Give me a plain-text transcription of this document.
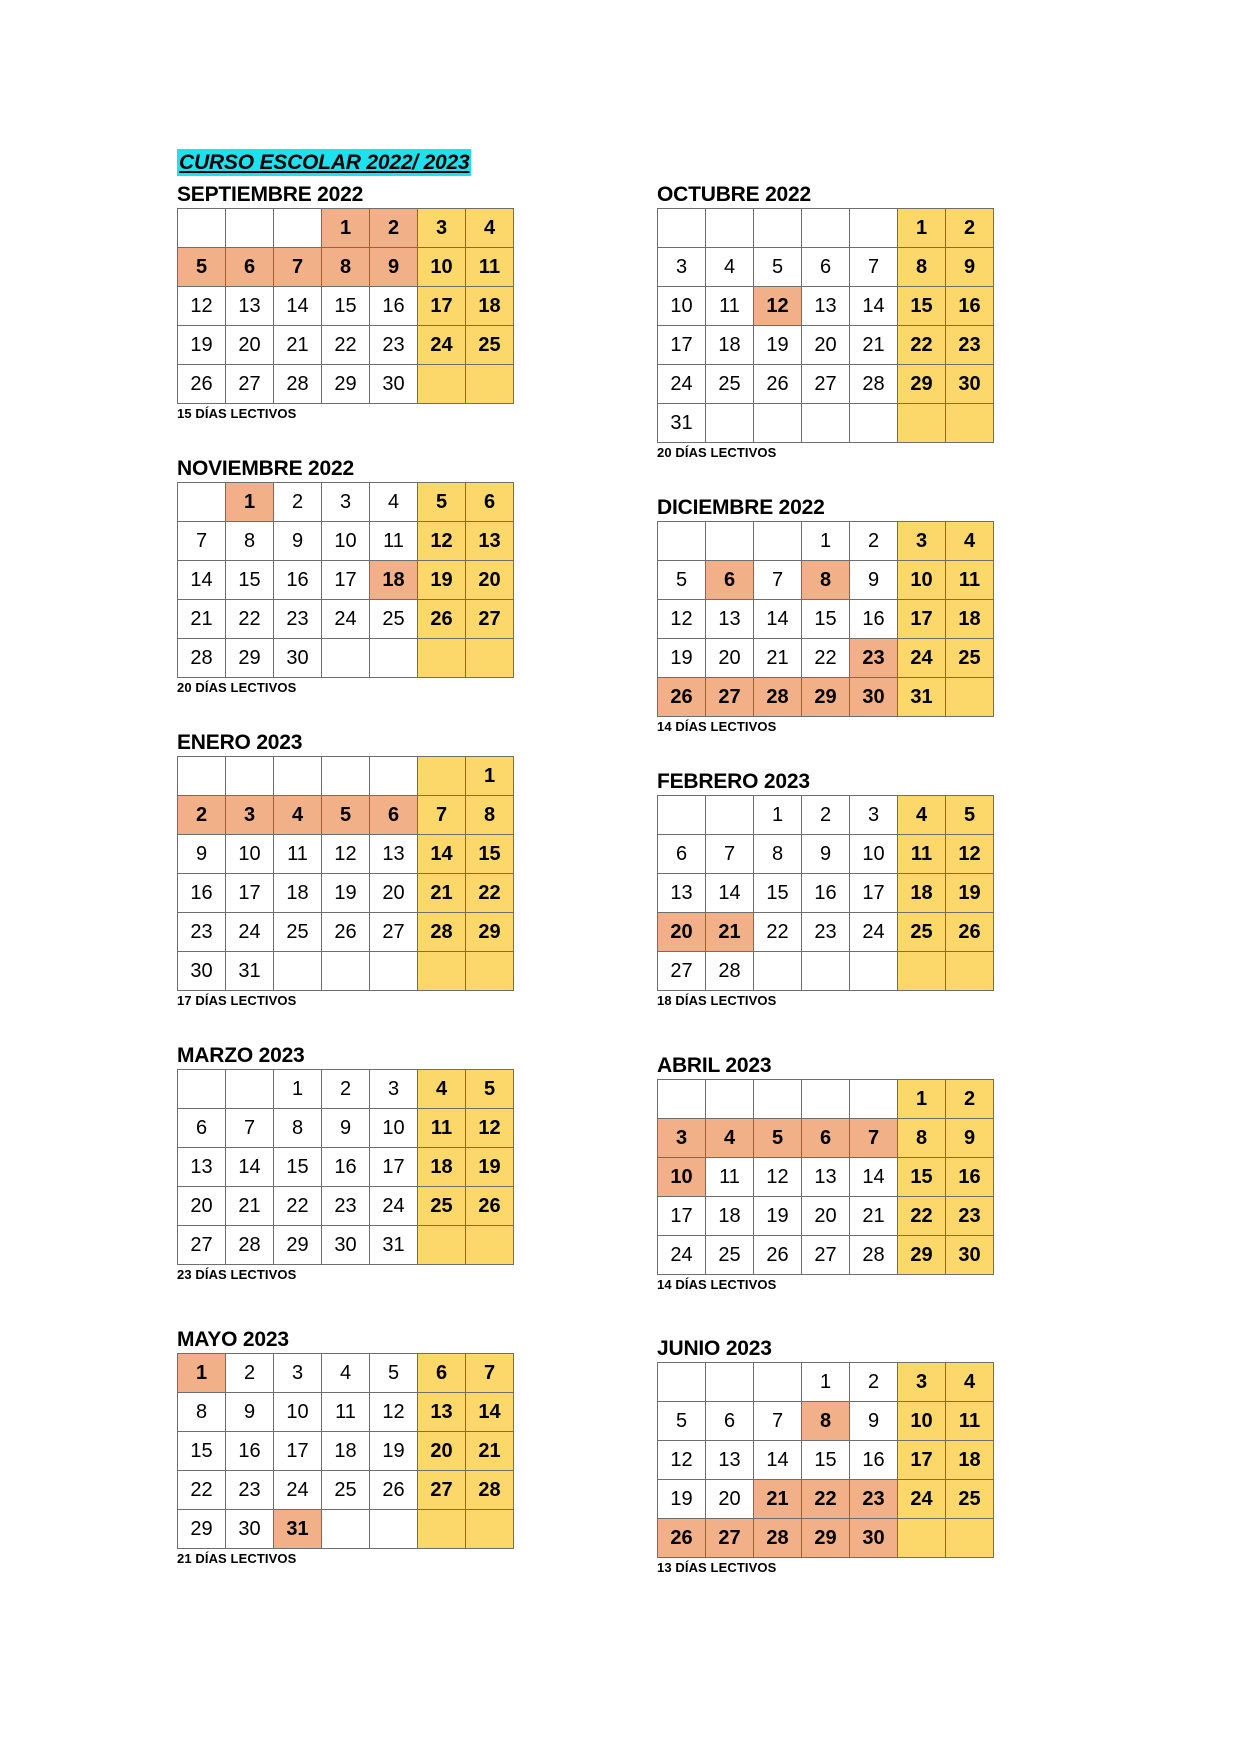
CURSO ESCOLAR 2022/ 2023
SEPTIEMBRE 2022
			1	2	3	4
5	6	7	8	9	10	11
12	13	14	15	16	17	18
19	20	21	22	23	24	25
26	27	28	29	30		
15 DÍAS LECTIVOS
OCTUBRE 2022
					1	2
3	4	5	6	7	8	9
10	11	12	13	14	15	16
17	18	19	20	21	22	23
24	25	26	27	28	29	30
31						
20 DÍAS LECTIVOS
NOVIEMBRE 2022
	1	2	3	4	5	6
7	8	9	10	11	12	13
14	15	16	17	18	19	20
21	22	23	24	25	26	27
28	29	30				
20 DÍAS LECTIVOS
DICIEMBRE 2022
			1	2	3	4
5	6	7	8	9	10	11
12	13	14	15	16	17	18
19	20	21	22	23	24	25
26	27	28	29	30	31	
14 DÍAS LECTIVOS
ENERO 2023
						1
2	3	4	5	6	7	8
9	10	11	12	13	14	15
16	17	18	19	20	21	22
23	24	25	26	27	28	29
30	31					
17 DÍAS LECTIVOS
FEBRERO 2023
		1	2	3	4	5
6	7	8	9	10	11	12
13	14	15	16	17	18	19
20	21	22	23	24	25	26
27	28					
18 DÍAS LECTIVOS
MARZO 2023
		1	2	3	4	5
6	7	8	9	10	11	12
13	14	15	16	17	18	19
20	21	22	23	24	25	26
27	28	29	30	31		
23 DÍAS LECTIVOS
ABRIL 2023
					1	2
3	4	5	6	7	8	9
10	11	12	13	14	15	16
17	18	19	20	21	22	23
24	25	26	27	28	29	30
14 DÍAS LECTIVOS
MAYO 2023
1	2	3	4	5	6	7
8	9	10	11	12	13	14
15	16	17	18	19	20	21
22	23	24	25	26	27	28
29	30	31				
21 DÍAS LECTIVOS
JUNIO 2023
			1	2	3	4
5	6	7	8	9	10	11
12	13	14	15	16	17	18
19	20	21	22	23	24	25
26	27	28	29	30		
13 DÍAS LECTIVOS
